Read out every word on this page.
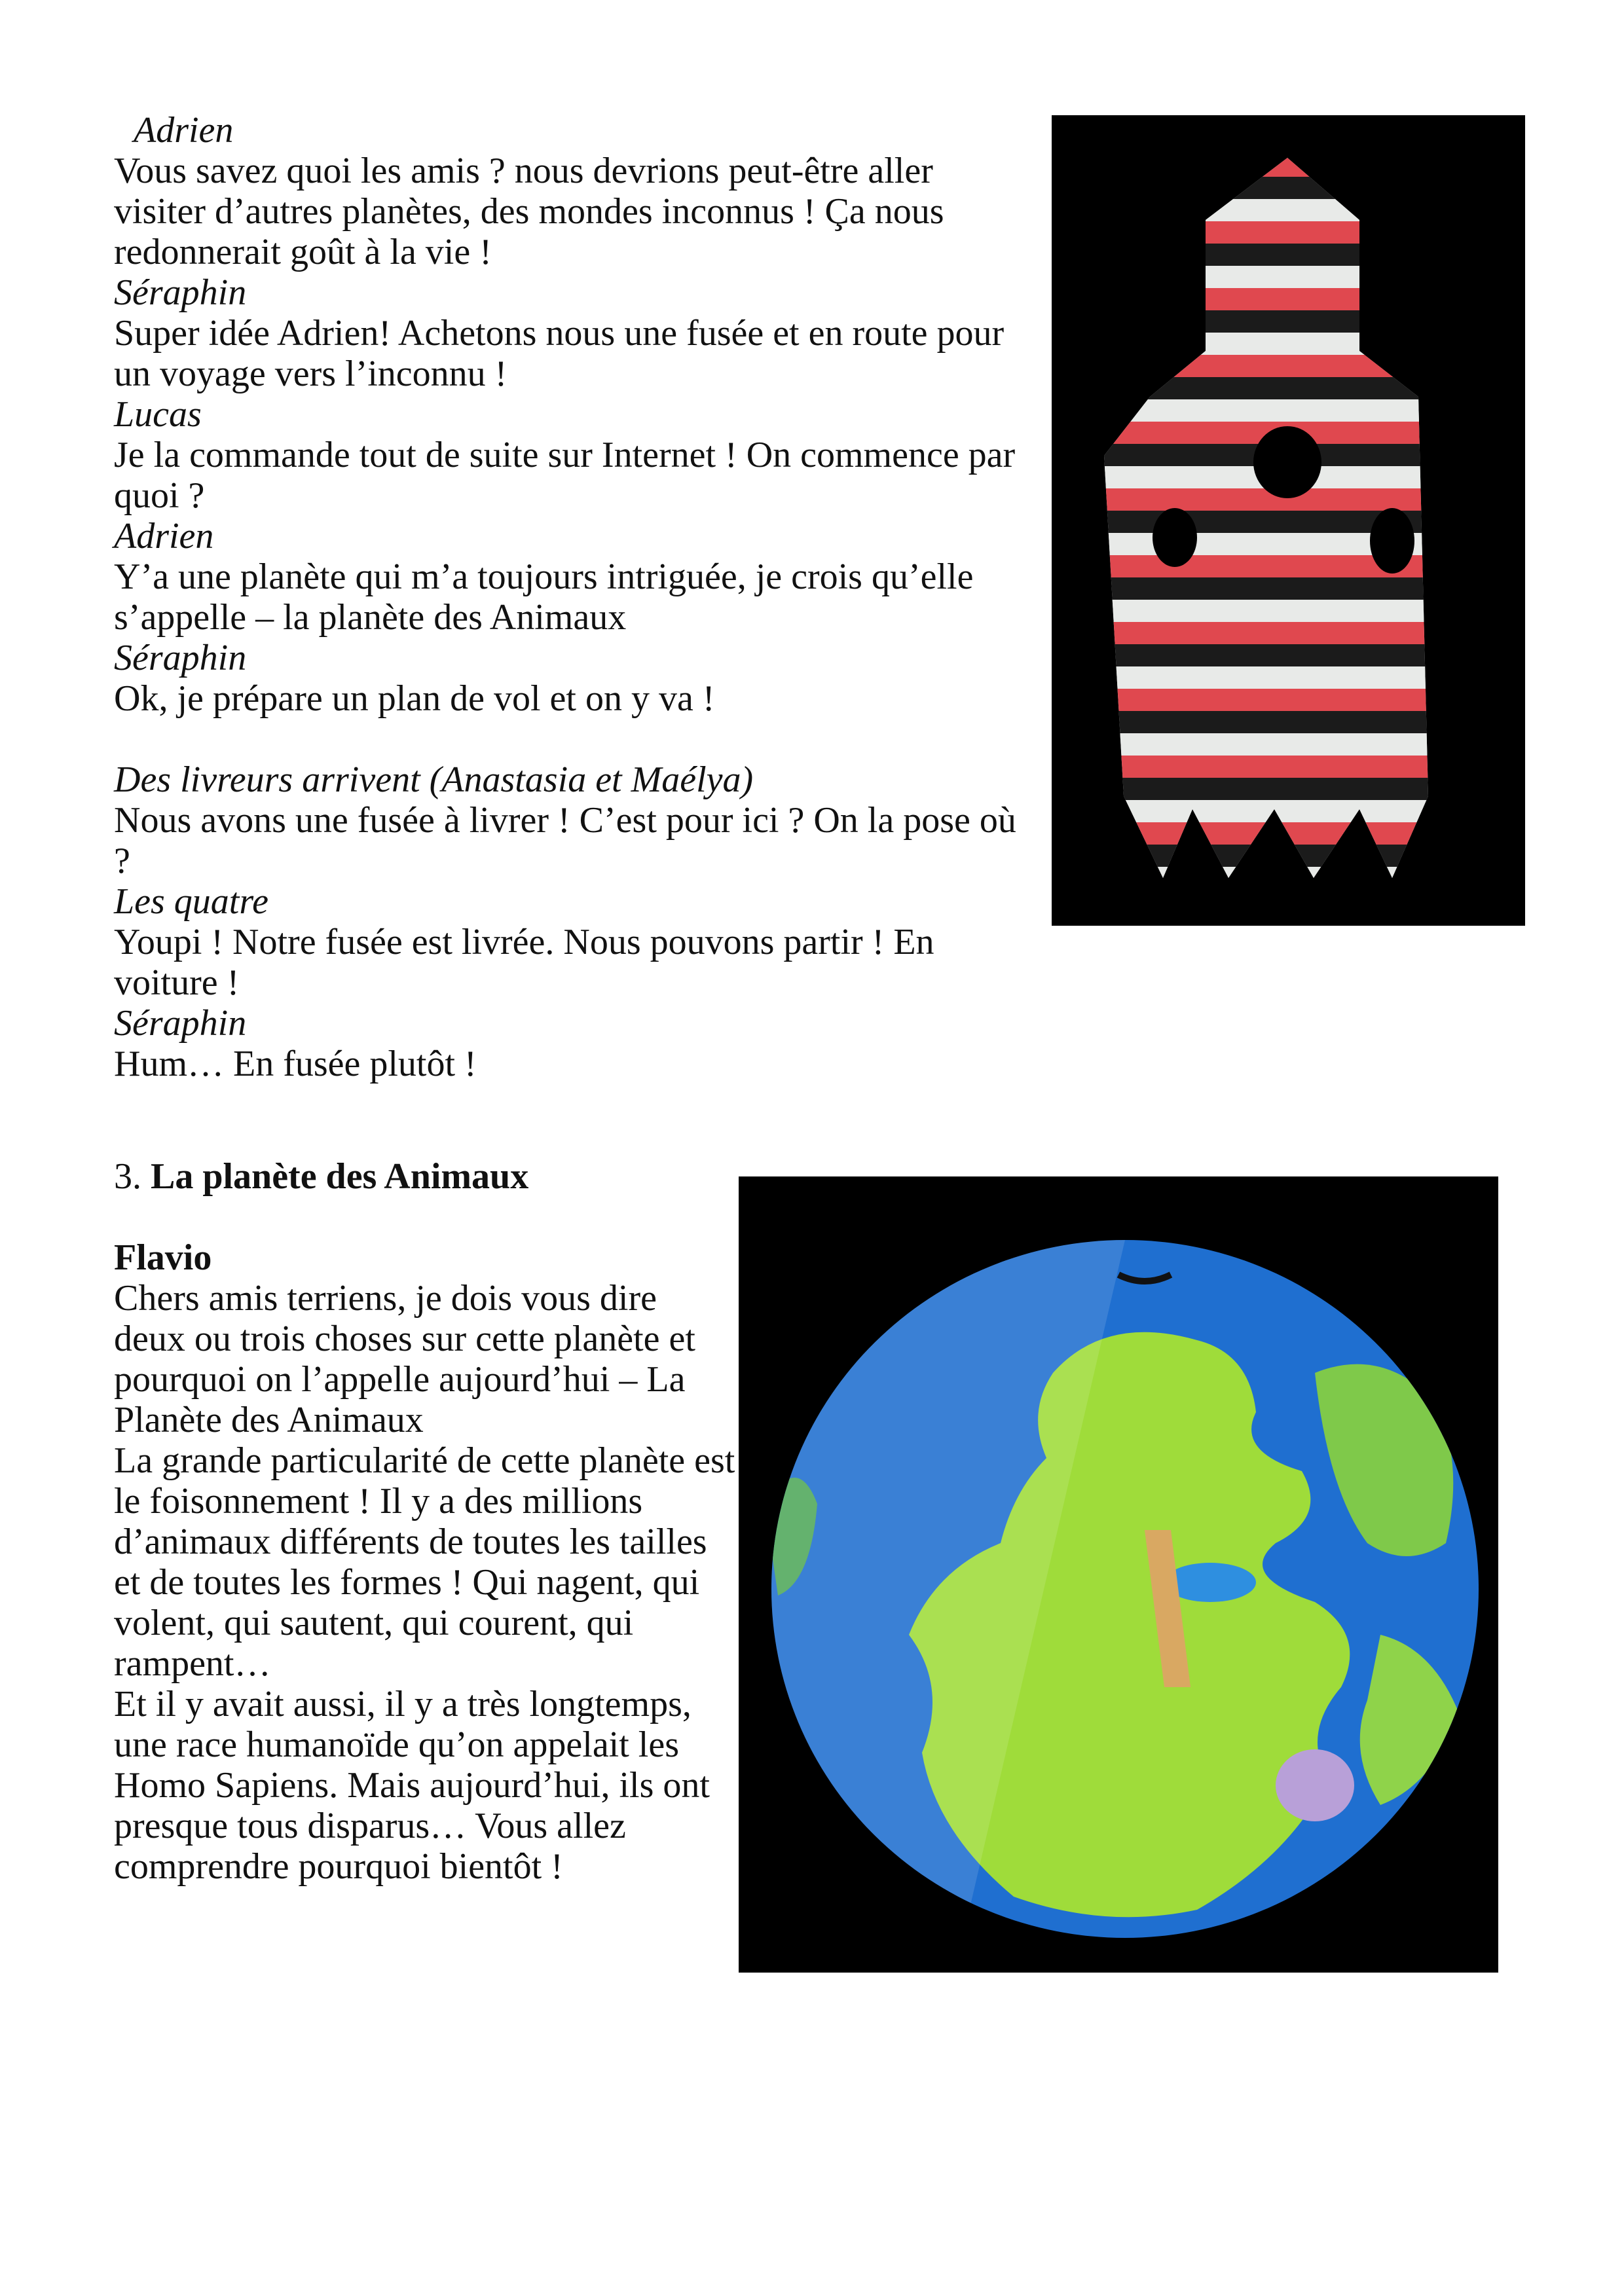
Adrien

Vous savez quoi les amis ? nous devrions peut-être aller visiter d’autres planètes, des mondes inconnus ! Ça nous redonnerait goût à la vie !

Séraphin

Super idée Adrien! Achetons nous une fusée et en route pour un voyage vers l’inconnu !

Lucas

Je la commande tout de suite sur Internet ! On commence par quoi ?

Adrien

Y’a une planète qui m’a toujours intriguée, je crois qu’elle s’appelle – la planète des Animaux

Séraphin

Ok, je prépare un plan de vol et on y va !

Des livreurs arrivent (Anastasia et Maélya)

Nous avons une fusée à livrer ! C’est pour ici ? On la pose où ?

Les quatre

Youpi ! Notre fusée est livrée. Nous pouvons partir ! En voiture !

Séraphin

Hum… En fusée plutôt !

3. La planète des Animaux

Flavio

Chers amis terriens, je dois vous dire deux ou trois choses sur cette planète et pourquoi on l’appelle aujourd’hui – La Planète des Animaux

La grande particularité de cette planète est le foisonnement ! Il y a des millions d’animaux différents de toutes les tailles et de toutes les formes ! Qui nagent, qui volent, qui sautent, qui courent, qui rampent…

Et il y avait aussi, il y a très longtemps, une race humanoïde qu’on appelait les Homo Sapiens. Mais aujourd’hui, ils ont presque tous disparus… Vous allez comprendre pourquoi bientôt !
